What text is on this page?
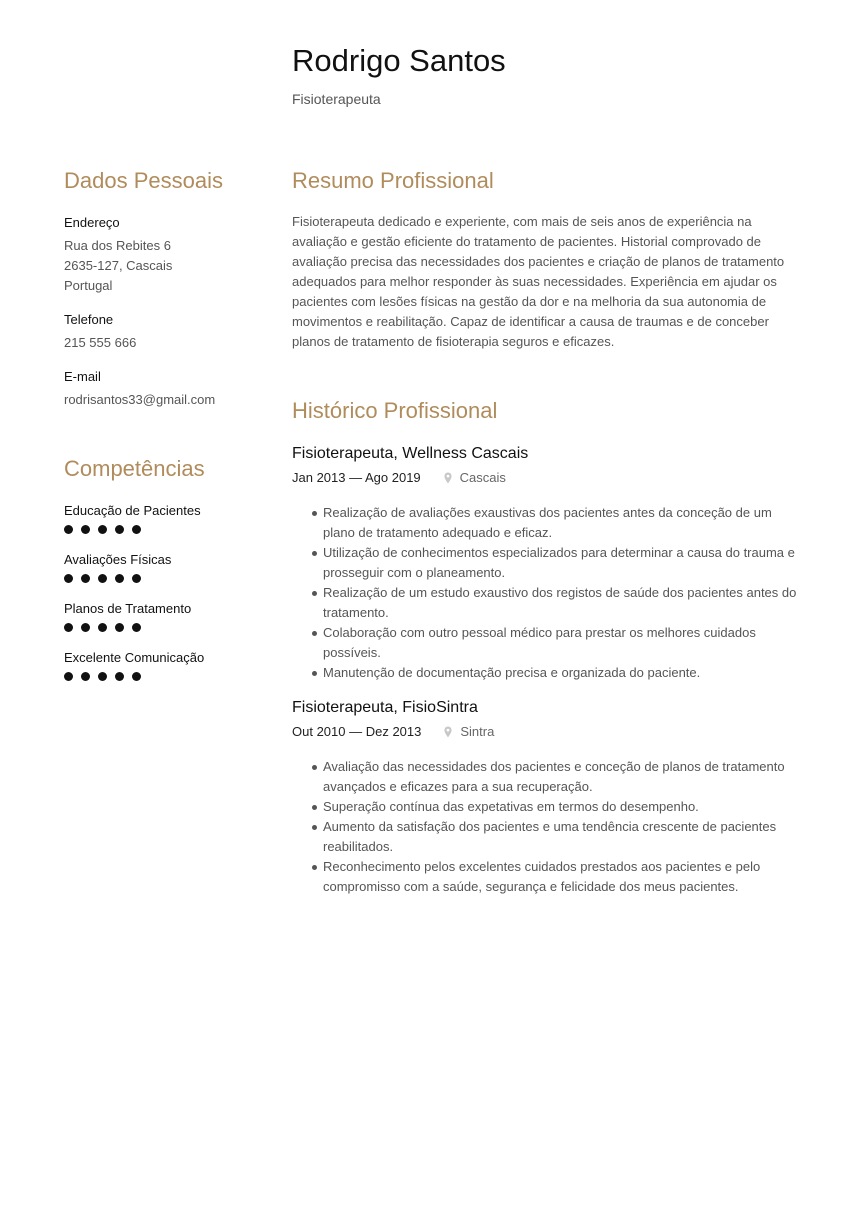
Rodrigo Santos
Fisioterapeuta
Dados Pessoais
Endereço
Rua dos Rebites 6
2635-127, Cascais
Portugal
Telefone
215 555 666
E-mail
rodrisantos33@gmail.com
Competências
Educação de Pacientes
Avaliações Físicas
Planos de Tratamento
Excelente Comunicação
Resumo Profissional

Fisioterapeuta dedicado e experiente, com mais de seis anos de experiência na avaliação e gestão eficiente do tratamento de pacientes. Historial comprovado de avaliação precisa das necessidades dos pacientes e criação de planos de tratamento adequados para melhor responder às suas necessidades. Experiência em ajudar os pacientes com lesões físicas na gestão da dor e na melhoria da sua autonomia de movimentos e reabilitação. Capaz de identificar a causa de traumas e de conceber planos de tratamento de fisioterapia seguros e eficazes.

Histórico Profissional
Fisioterapeuta, Wellness Cascais
Jan 2013 — Ago 2019	Cascais
Realização de avaliações exaustivas dos pacientes antes da conceção de um plano de tratamento adequado e eficaz.
Utilização de conhecimentos especializados para determinar a causa do trauma e prosseguir com o planeamento.
Realização de um estudo exaustivo dos registos de saúde dos pacientes antes do tratamento.
Colaboração com outro pessoal médico para prestar os melhores cuidados possíveis.
Manutenção de documentação precisa e organizada do paciente.
Fisioterapeuta, FisioSintra
Out 2010 — Dez 2013	Sintra
Avaliação das necessidades dos pacientes e conceção de planos de tratamento avançados e eficazes para a sua recuperação.
Superação contínua das expetativas em termos do desempenho.
Aumento da satisfação dos pacientes e uma tendência crescente de pacientes reabilitados.
Reconhecimento pelos excelentes cuidados prestados aos pacientes e pelo compromisso com a saúde, segurança e felicidade dos meus pacientes.
